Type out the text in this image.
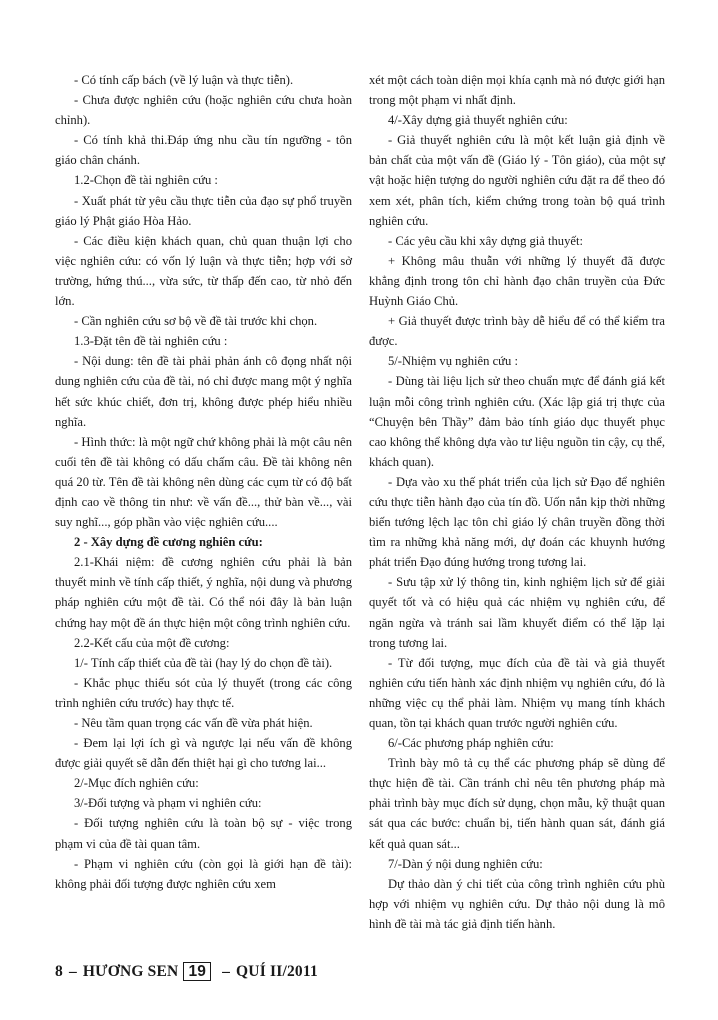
- Có tính cấp bách (về lý luận và thực tiễn).

- Chưa được nghiên cứu (hoặc nghiên cứu chưa hoàn chỉnh).

- Có tính khả thi.Đáp ứng nhu cầu tín ngưỡng - tôn giáo chân chánh.

1.2-Chọn đề tài nghiên cứu :

- Xuất phát từ yêu cầu thực tiễn của đạo sự phổ truyền giáo lý Phật giáo Hòa Hảo.

- Các điều kiện khách quan, chủ quan thuận lợi cho việc nghiên cứu: có vốn lý luận và thực tiễn; hợp với sở trường, hứng thú..., vừa sức, từ thấp đến cao, từ nhỏ đến lớn.

- Cần nghiên cứu sơ bộ về đề tài trước khi chọn.

1.3-Đặt tên đề tài nghiên cứu :

- Nội dung: tên đề tài phải phản ánh cô đọng nhất nội dung nghiên cứu của đề tài, nó chỉ được mang một ý nghĩa hết sức khúc chiết, đơn trị, không được phép hiểu nhiều nghĩa.

- Hình thức: là một ngữ chứ không phải là một câu nên cuối tên đề tài không có dấu chấm câu. Đề tài không nên quá 20 từ. Tên đề tài không nên dùng các cụm từ có độ bất định cao về thông tin như: về vấn đề..., thử bàn về..., vài suy nghĩ..., góp phần vào việc nghiên cứu....

2 - Xây dựng đề cương nghiên cứu:

2.1-Khái niệm: đề cương nghiên cứu phải là bản thuyết minh về tính cấp thiết, ý nghĩa, nội dung và phương pháp nghiên cứu một đề tài. Có thể nói đây là bản luận chứng hay một đề án thực hiện một công trình nghiên cứu.

2.2-Kết cấu của một đề cương:

1/- Tính cấp thiết của đề tài (hay lý do chọn đề tài).

- Khắc phục thiếu sót của lý thuyết (trong các công trình nghiên cứu trước) hay thực tế.

- Nêu tầm quan trọng các vấn đề vừa phát hiện.

- Đem lại lợi ích gì và ngược lại nếu vấn đề không được giải quyết sẽ dẫn đến thiệt hại gì cho tương lai...

2/-Mục đích nghiên cứu:

3/-Đối tượng và phạm vi nghiên cứu:

- Đối tượng nghiên cứu là toàn bộ sự - việc trong phạm vi của đề tài quan tâm.

- Phạm vi nghiên cứu (còn gọi là giới hạn đề tài): không phải đối tượng được nghiên cứu xem

xét một cách toàn diện mọi khía cạnh mà nó được giới hạn trong một phạm vi nhất định.

4/-Xây dựng giả thuyết nghiên cứu:

- Giả thuyết nghiên cứu là một kết luận giả định về bản chất của một vấn đề (Giáo lý - Tôn giáo), của một sự vật hoặc hiện tượng do người nghiên cứu đặt ra để theo đó xem xét, phân tích, kiểm chứng trong toàn bộ quá trình nghiên cứu.

- Các yêu cầu khi xây dựng giả thuyết:

+ Không mâu thuẫn với những lý thuyết đã được khẳng định trong tôn chỉ hành đạo chân truyền của Đức Huỳnh Giáo Chủ.

+ Giả thuyết được trình bày dễ hiểu để có thể kiểm tra được.

5/-Nhiệm vụ nghiên cứu :

- Dùng tài liệu lịch sử theo chuẩn mực để đánh giá kết luận mỗi công trình nghiên cứu. (Xác lập giá trị thực của “Chuyện bên Thầy” đảm bảo tính giáo dục thuyết phục cao không thể không dựa vào tư liệu nguồn tin cậy, cụ thể, khách quan).

- Dựa vào xu thế phát triển của lịch sử Đạo để nghiên cứu thực tiễn hành đạo của tín đồ. Uốn nắn kịp thời những biến tướng lệch lạc tôn chỉ giáo lý chân truyền đồng thời tìm ra những khả năng mới, dự đoán các khuynh hướng phát triển Đạo đúng hướng trong tương lai.

- Sưu tập xử lý thông tin, kinh nghiệm lịch sử để giải quyết tốt và có hiệu quả các nhiệm vụ nghiên cứu, để ngăn ngừa và tránh sai lầm khuyết điểm có thể lặp lại trong tương lai.

- Từ đối tượng, mục đích của đề tài và giả thuyết nghiên cứu tiến hành xác định nhiệm vụ nghiên cứu, đó là những việc cụ thể phải làm. Nhiệm vụ mang tính khách quan, tồn tại khách quan trước người nghiên cứu.

6/-Các phương pháp nghiên cứu:

Trình bày mô tả cụ thể các phương pháp sẽ dùng để thực hiện đề tài. Cần tránh chỉ nêu tên phương pháp mà phải trình bày mục đích sử dụng, chọn mẫu, kỹ thuật quan sát qua các bước: chuẩn bị, tiến hành quan sát, đánh giá kết quả quan sát...

7/-Dàn ý nội dung nghiên cứu:

Dự thảo dàn ý chi tiết của công trình nghiên cứu phù hợp với nhiệm vụ nghiên cứu. Dự thảo nội dung là mô hình đề tài mà tác giả định tiến hành.

8 – HƯƠNG SEN 19	– QUÍ II/2011
